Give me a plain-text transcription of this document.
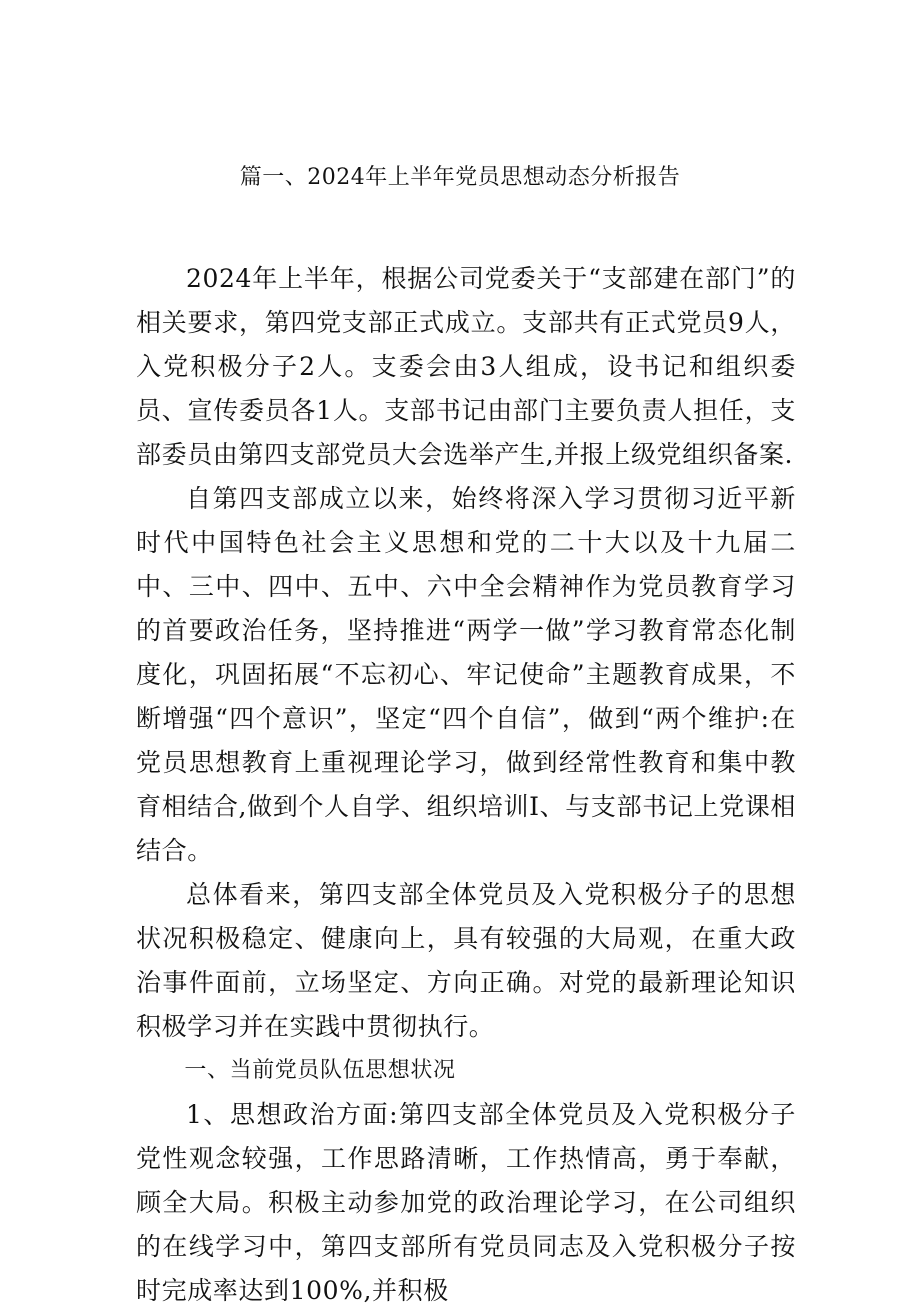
篇一、2024年上半年党员思想动态分析报告

2024年上半年，根据公司党委关于“支部建在部门”的相关要求，第四党支部正式成立。支部共有正式党员9人，入党积极分子2人。支委会由3人组成，设书记和组织委员、宣传委员各1人。支部书记由部门主要负责人担任，支部委员由第四支部党员大会选举产生,并报上级党组织备案.

自第四支部成立以来，始终将深入学习贯彻习近平新时代中国特色社会主义思想和党的二十大以及十九届二中、三中、四中、五中、六中全会精神作为党员教育学习的首要政治任务，坚持推进“两学一做”学习教育常态化制度化，巩固拓展“不忘初心、牢记使命”主题教育成果，不断增强“四个意识”，坚定“四个自信”，做到“两个维护:在党员思想教育上重视理论学习，做到经常性教育和集中教育相结合,做到个人自学、组织培训I、与支部书记上党课相结合。

总体看来，第四支部全体党员及入党积极分子的思想状况积极稳定、健康向上，具有较强的大局观，在重大政治事件面前，立场坚定、方向正确。对党的最新理论知识积极学习并在实践中贯彻执行。

一、当前党员队伍思想状况

1、思想政治方面:第四支部全体党员及入党积极分子党性观念较强，工作思路清晰，工作热情高，勇于奉献，顾全大局。积极主动参加党的政治理论学习，在公司组织的在线学习中，第四支部所有党员同志及入党积极分子按时完成率达到100%,并积极
